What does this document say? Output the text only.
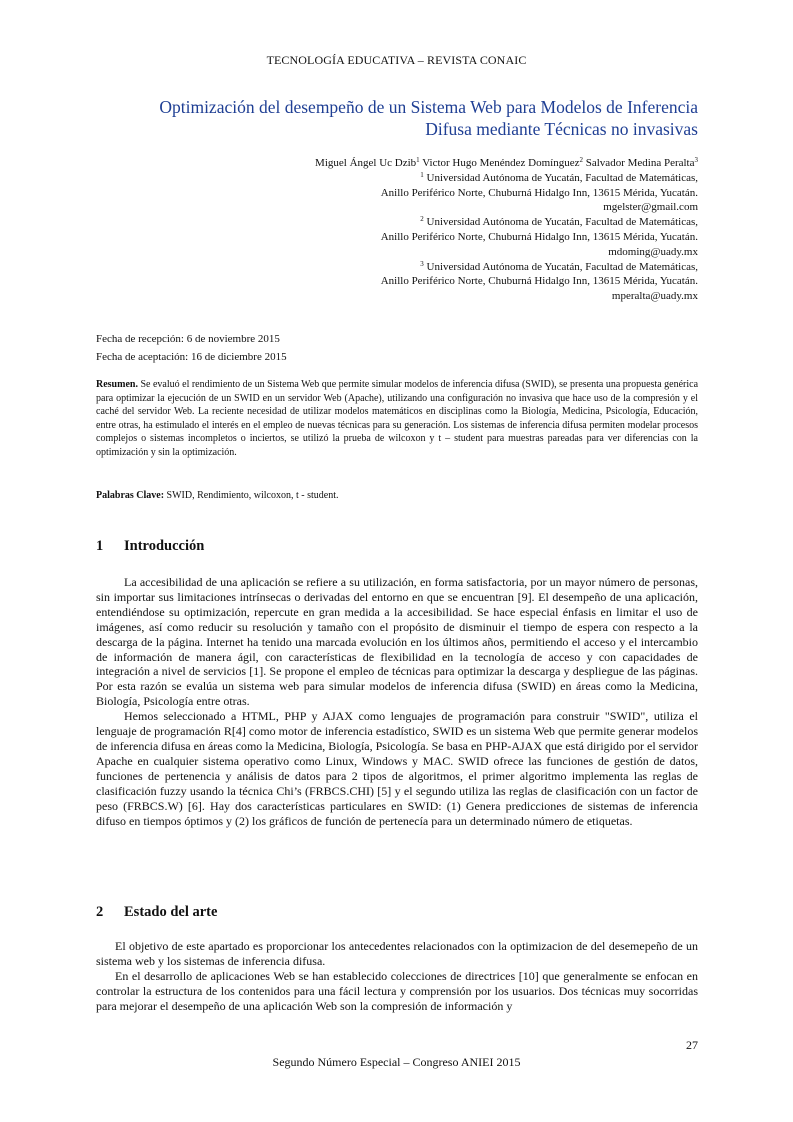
TECNOLOGÍA EDUCATIVA – REVISTA CONAIC
Optimización del desempeño de un Sistema Web para Modelos de Inferencia
Difusa mediante Técnicas no invasivas
Miguel Ángel Uc Dzib$^1$ Victor Hugo Menéndez Domínguez$^2$ Salvador Medina Peralta$^3$
$^1$ Universidad Autónoma de Yucatán, Facultad de Matemáticas,
Anillo Periférico Norte, Chuburná Hidalgo Inn, 13615 Mérida, Yucatán.
mgelster@gmail.com
$^2$ Universidad Autónoma de Yucatán, Facultad de Matemáticas,
Anillo Periférico Norte, Chuburná Hidalgo Inn, 13615 Mérida, Yucatán.
mdoming@uady.mx
$^3$ Universidad Autónoma de Yucatán, Facultad de Matemáticas,
Anillo Periférico Norte, Chuburná Hidalgo Inn, 13615 Mérida, Yucatán.
mperalta@uady.mx
Fecha de recepción: 6 de noviembre 2015
Fecha de aceptación: 16 de diciembre 2015
Resumen. Se evaluó el rendimiento de un Sistema Web que permite simular modelos de inferencia difusa (SWID), se presenta una propuesta genérica para optimizar la ejecución de un SWID en un servidor Web (Apache), utilizando una configuración no invasiva que hace uso de la compresión y el caché del servidor Web. La reciente necesidad de utilizar modelos matemáticos en disciplinas como la Biología, Medicina, Psicología, Educación, entre otras, ha estimulado el interés en el empleo de nuevas técnicas para su generación. Los sistemas de inferencia difusa permiten modelar procesos complejos o sistemas incompletos o inciertos, se utilizó la prueba de wilcoxon y t – student para muestras pareadas para ver diferencias con la optimización y sin la optimización.
Palabras Clave: SWID, Rendimiento, wilcoxon, t - student.
1 Introducción

La accesibilidad de una aplicación se refiere a su utilización, en forma satisfactoria, por un mayor número de personas, sin importar sus limitaciones intrínsecas o derivadas del entorno en que se encuentran [9]. El desempeño de una aplicación, entendiéndose su optimización, repercute en gran medida a la accesibilidad. Se hace especial énfasis en limitar el uso de imágenes, así como reducir su resolución y tamaño con el propósito de disminuir el tiempo de espera con respecto a la descarga de la página. Internet ha tenido una marcada evolución en los últimos años, permitiendo el acceso y el intercambio de información de manera ágil, con características de flexibilidad en la tecnología de acceso y con capacidades de integración a nivel de servicios [1]. Se propone el empleo de técnicas para optimizar la descarga y despliegue de las páginas. Por esta razón se evalúa un sistema web para simular modelos de inferencia difusa (SWID) en áreas como la Medicina, Biología, Psicología entre otras.

Hemos seleccionado a HTML, PHP y AJAX como lenguajes de programación para construir "SWID", utiliza el lenguaje de programación R[4] como motor de inferencia estadístico, SWID es un sistema Web que permite generar modelos de inferencia difusa en áreas como la Medicina, Biología, Psicología. Se basa en PHP-AJAX que está dirigido por el servidor Apache en cualquier sistema operativo como Linux, Windows y MAC. SWID ofrece las funciones de gestión de datos, funciones de pertenencia y análisis de datos para 2 tipos de algoritmos, el primer algoritmo implementa las reglas de clasificación fuzzy usando la técnica Chi’s (FRBCS.CHI) [5] y el segundo utiliza las reglas de clasificación con un factor de peso (FRBCS.W) [6]. Hay dos características particulares en SWID: (1) Genera predicciones de sistemas de inferencia difuso en tiempos óptimos y (2) los gráficos de función de pertenecía para un determinado número de etiquetas.

2 Estado del arte

El objetivo de este apartado es proporcionar los antecedentes relacionados con la optimizacion de del desemepeño de un sistema web y los sistemas de inferencia difusa.

En el desarrollo de aplicaciones Web se han establecido colecciones de directrices [10] que generalmente se enfocan en controlar la estructura de los contenidos para una fácil lectura y comprensión por los usuarios. Dos técnicas muy socorridas para mejorar el desempeño de una aplicación Web son la compresión de información y

27
Segundo Número Especial – Congreso ANIEI 2015
